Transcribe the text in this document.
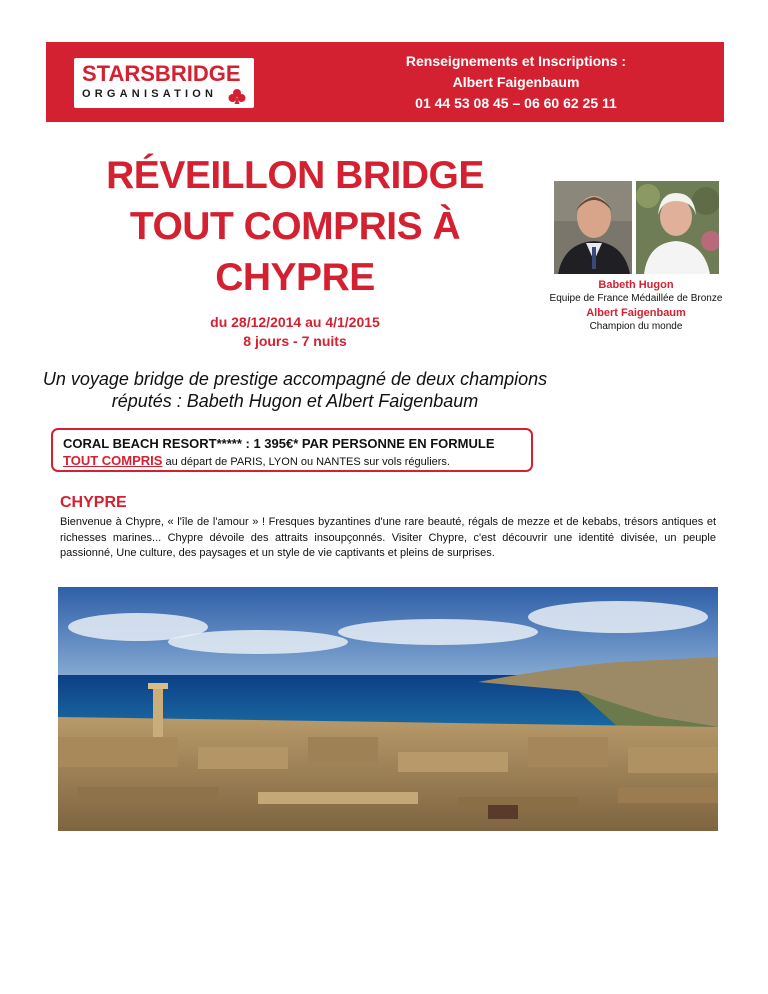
STARSBRIDGE
ORGANISATION
Renseignements et Inscriptions :
Albert Faigenbaum
01 44 53 08 45 – 06 60 62 25 11
RÉVEILLON BRIDGE
TOUT COMPRIS À
CHYPRE
du 28/12/2014 au 4/1/2015
8 jours - 7 nuits
Babeth Hugon
Equipe de France Médaillée de Bronze
Albert Faigenbaum
Champion du monde
Un voyage bridge de prestige accompagné de deux champions
réputés : Babeth Hugon et Albert Faigenbaum
CORAL BEACH RESORT***** : 1 395€* PAR PERSONNE EN FORMULE
TOUT COMPRIS au départ de PARIS, LYON ou NANTES sur vols réguliers.
CHYPRE
Bienvenue à Chypre, « l'île de l'amour » ! Fresques byzantines d'une rare beauté, régals de mezze et de kebabs, trésors antiques et richesses marines... Chypre dévoile des attraits insoupçonnés. Visiter Chypre, c'est découvrir une identité divisée, un peuple passionné, Une culture, des paysages et un style de vie captivants et pleins de surprises.
